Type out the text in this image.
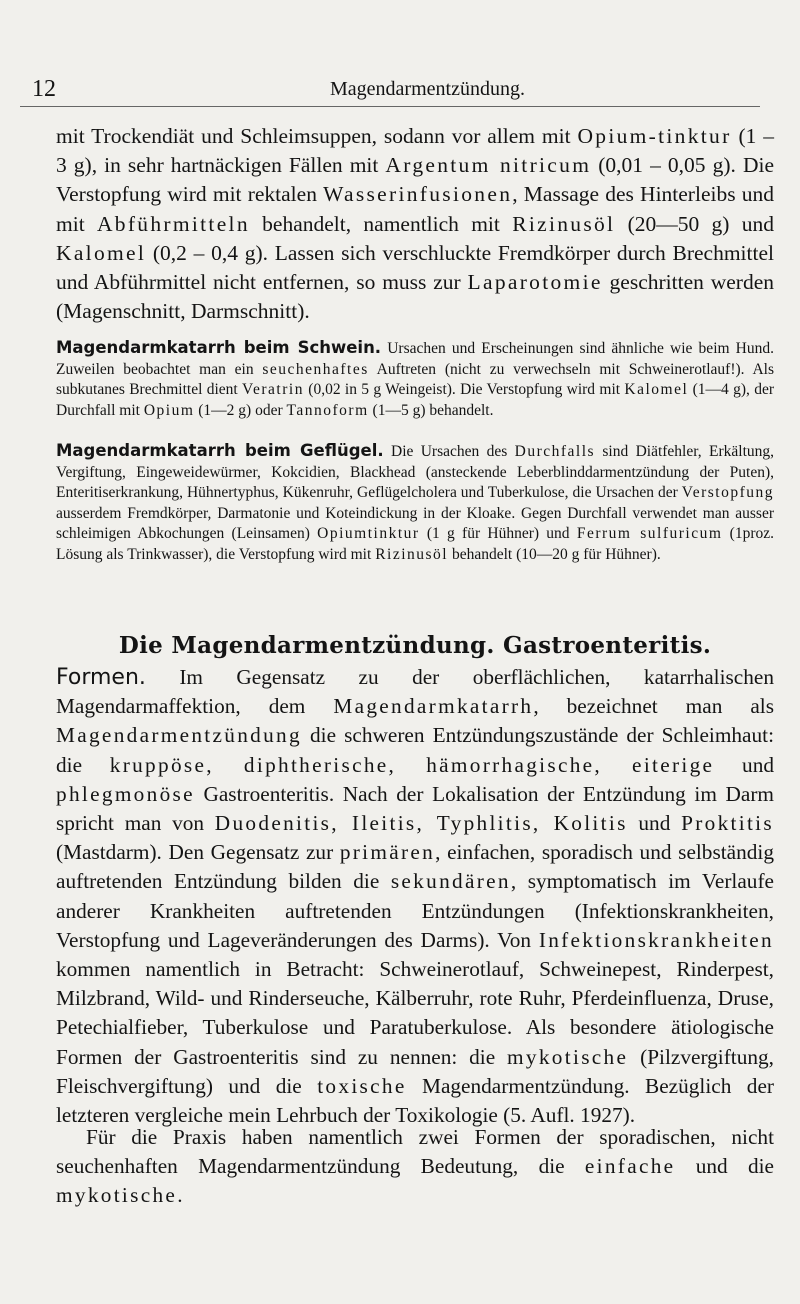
12	Magendarmentzündung.

mit Trockendiät und Schleimsuppen, sodann vor allem mit Opium-tinktur (1 – 3 g), in sehr hartnäckigen Fällen mit Argentum nitricum (0,01 – 0,05 g). Die Verstopfung wird mit rektalen Wasserinfusionen, Massage des Hinterleibs und mit Abführmitteln behandelt, namentlich mit Rizinusöl (20—50 g) und Kalomel (0,2 – 0,4 g). Lassen sich verschluckte Fremdkörper durch Brechmittel und Abführmittel nicht entfernen, so muss zur Laparotomie geschritten werden (Magenschnitt, Darmschnitt).

Magendarmkatarrh beim Schwein. Ursachen und Erscheinungen sind ähnliche wie beim Hund. Zuweilen beobachtet man ein seuchenhaftes Auftreten (nicht zu verwechseln mit Schweinerotlauf!). Als subkutanes Brechmittel dient Veratrin (0,02 in 5 g Weingeist). Die Verstopfung wird mit Kalomel (1—4 g), der Durchfall mit Opium (1—2 g) oder Tannoform (1—5 g) behandelt.

Magendarmkatarrh beim Geflügel. Die Ursachen des Durchfalls sind Diätfehler, Erkältung, Vergiftung, Eingeweidewürmer, Kokcidien, Blackhead (ansteckende Leberblinddarmentzündung der Puten), Enteritiserkrankung, Hühnertyphus, Kükenruhr, Geflügelcholera und Tuberkulose, die Ursachen der Verstopfung ausserdem Fremdkörper, Darmatonie und Koteindickung in der Kloake. Gegen Durchfall verwendet man ausser schleimigen Abkochungen (Leinsamen) Opiumtinktur (1 g für Hühner) und Ferrum sulfuricum (1proz. Lösung als Trinkwasser), die Verstopfung wird mit Rizinusöl behandelt (10—20 g für Hühner).

Die Magendarmentzündung. Gastroenteritis.

Formen. Im Gegensatz zu der oberflächlichen, katarrhalischen Magendarmaffektion, dem Magendarmkatarrh, bezeichnet man als Magendarmentzündung die schweren Entzündungszustände der Schleimhaut: die kruppöse, diphtherische, hämorrhagische, eiterige und phlegmonöse Gastroenteritis. Nach der Lokalisation der Entzündung im Darm spricht man von Duodenitis, Ileitis, Typhlitis, Kolitis und Proktitis (Mastdarm). Den Gegensatz zur primären, einfachen, sporadisch und selbständig auftretenden Entzündung bilden die sekundären, symptomatisch im Verlaufe anderer Krankheiten auftretenden Entzündungen (Infektionskrankheiten, Verstopfung und Lageveränderungen des Darms). Von Infektionskrankheiten kommen namentlich in Betracht: Schweinerotlauf, Schweinepest, Rinderpest, Milzbrand, Wild- und Rinderseuche, Kälberruhr, rote Ruhr, Pferdeinfluenza, Druse, Petechialfieber, Tuberkulose und Paratuberkulose. Als besondere ätiologische Formen der Gastroenteritis sind zu nennen: die mykotische (Pilzvergiftung, Fleischvergiftung) und die toxische Magendarmentzündung. Bezüglich der letzteren vergleiche mein Lehrbuch der Toxikologie (5. Aufl. 1927).

Für die Praxis haben namentlich zwei Formen der sporadischen, nicht seuchenhaften Magendarmentzündung Bedeutung, die einfache und die mykotische.
